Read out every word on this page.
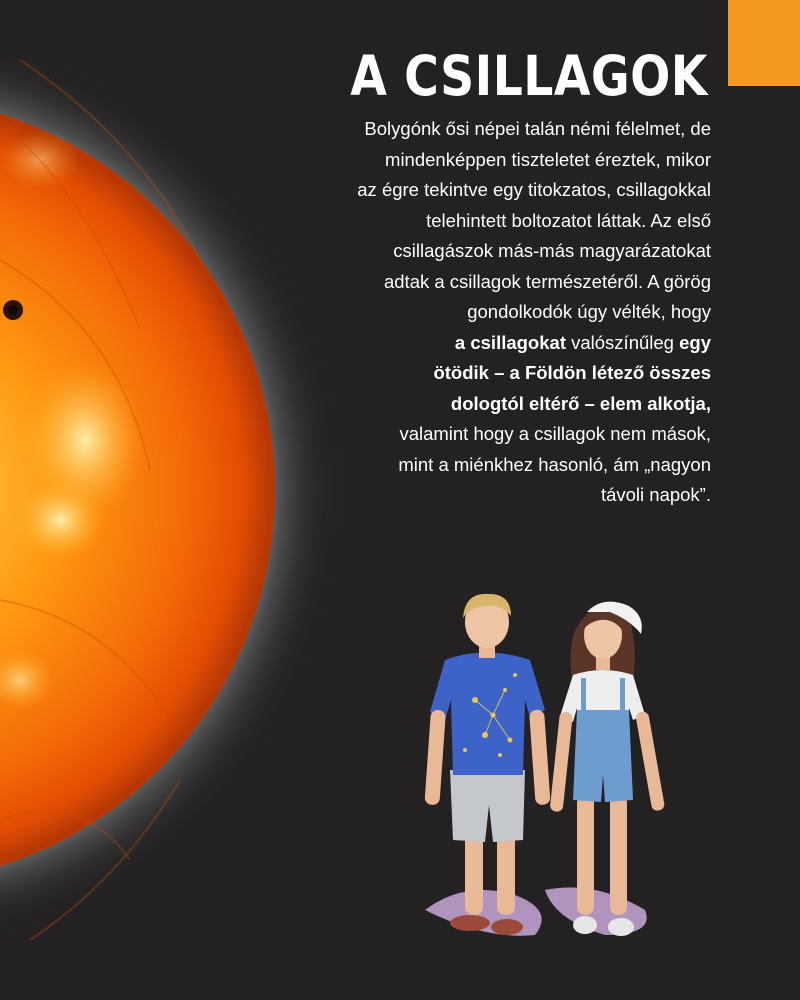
A CSILLAGOK
Bolygónk ősi népei talán némi félelmet, de
mindenképpen tiszteletet éreztek, mikor
az égre tekintve egy titokzatos, csillagokkal
telehintett boltozatot láttak. Az első
csillagászok más-más magyarázatokat
adtak a csillagok természetéről. A görög
gondolkodók úgy vélték, hogy
a csillagokat valószínűleg egy
ötödik – a Földön létező összes
dologtól eltérő – elem alkotja,
valamint hogy a csillagok nem mások,
mint a miénkhez hasonló, ám „nagyon
távoli napok”.
